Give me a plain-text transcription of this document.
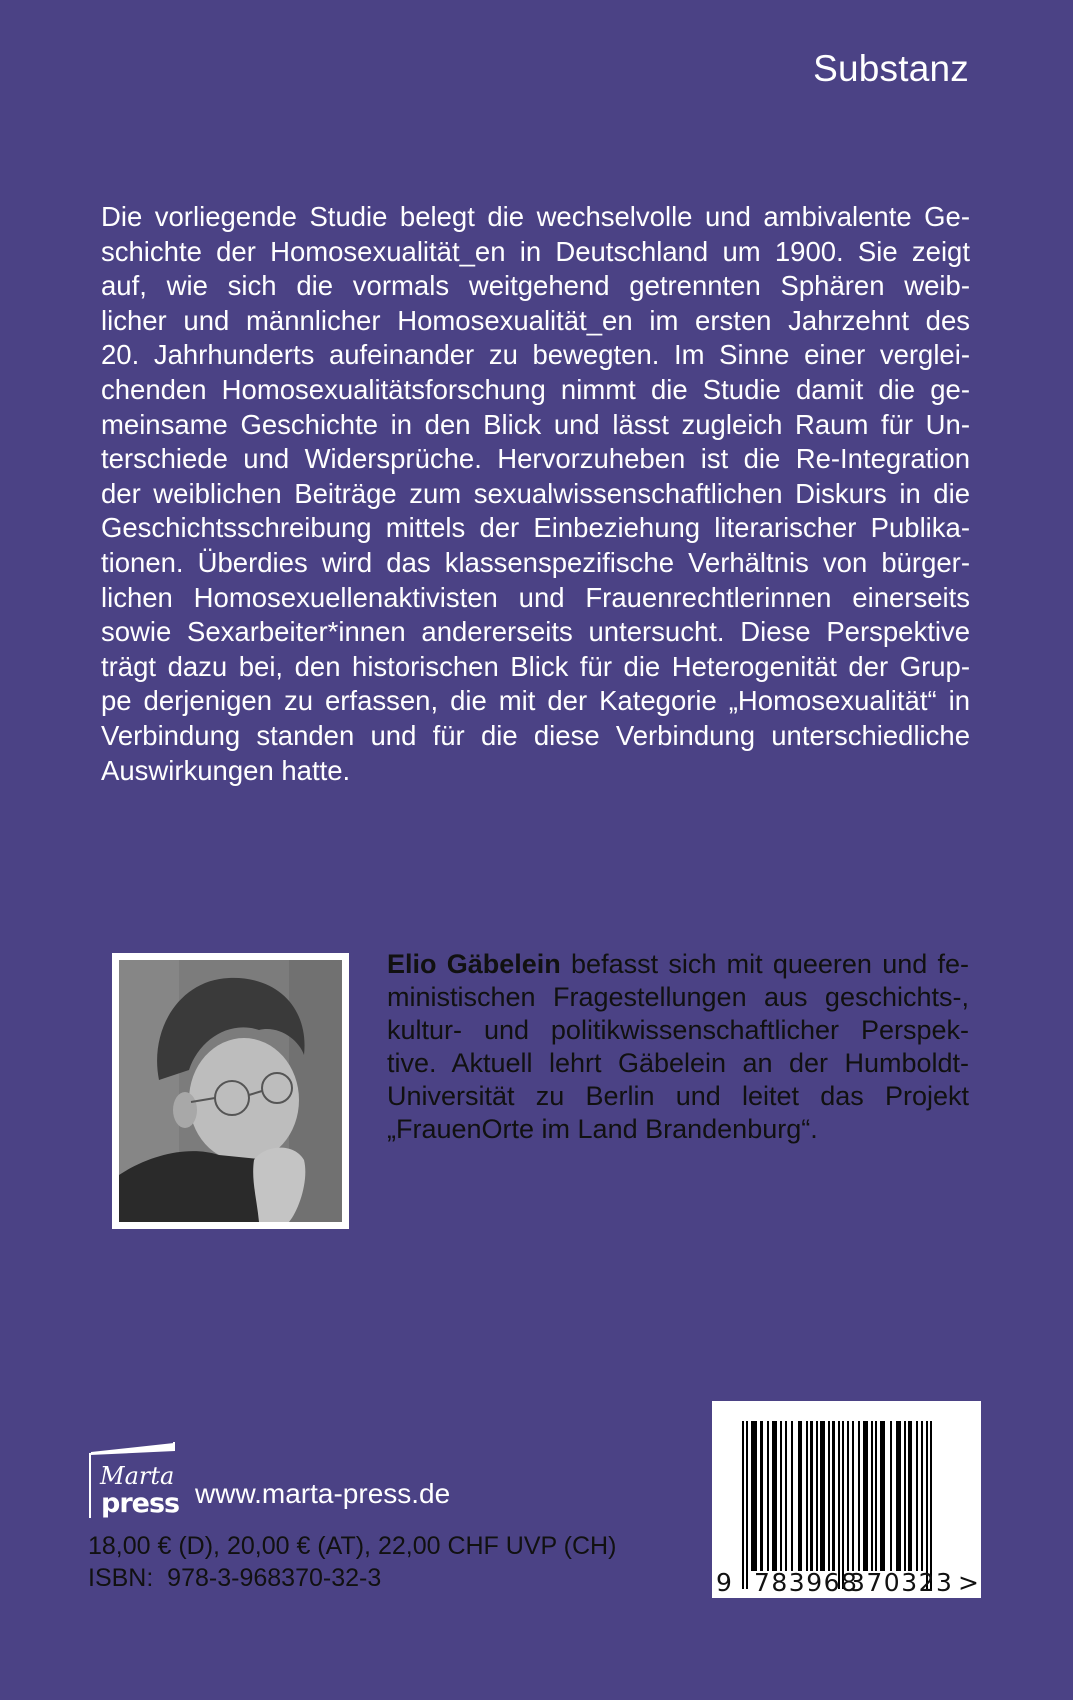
Substanz
Die vorliegende Studie belegt die wechselvolle und ambivalente Ge-
schichte der Homosexualität_en in Deutschland um 1900. Sie zeigt
auf, wie sich die vormals weitgehend getrennten Sphären weib-
licher und männlicher Homosexualität_en im ersten Jahrzehnt des
20. Jahrhunderts aufeinander zu bewegten. Im Sinne einer verglei-
chenden Homosexualitätsforschung nimmt die Studie damit die ge-
meinsame Geschichte in den Blick und lässt zugleich Raum für Un-
terschiede und Widersprüche. Hervorzuheben ist die Re-Integration
der weiblichen Beiträge zum sexualwissenschaftlichen Diskurs in die
Geschichtsschreibung mittels der Einbeziehung literarischer Publika-
tionen. Überdies wird das klassenspezifische Verhältnis von bürger-
lichen Homosexuellenaktivisten und Frauenrechtlerinnen einerseits
sowie Sexarbeiter*innen andererseits untersucht. Diese Perspektive
trägt dazu bei, den historischen Blick für die Heterogenität der Grup-
pe derjenigen zu erfassen, die mit der Kategorie „Homosexualität“ in
Verbindung standen und für die diese Verbindung unterschiedliche
Auswirkungen hatte.
Elio Gäbelein befasst sich mit queeren und fe-
ministischen Fragestellungen aus geschichts-,
kultur- und politikwissenschaftlicher Perspek-
tive. Aktuell lehrt Gäbelein an der Humboldt-
Universität zu Berlin und leitet das Projekt
„FrauenOrte im Land Brandenburg“.
Marta
press www.marta-press.de
18,00 € (D), 20,00 € (AT), 22,00 CHF UVP (CH)
ISBN:  978-3-968370-32-3	9 783968
370323 >
